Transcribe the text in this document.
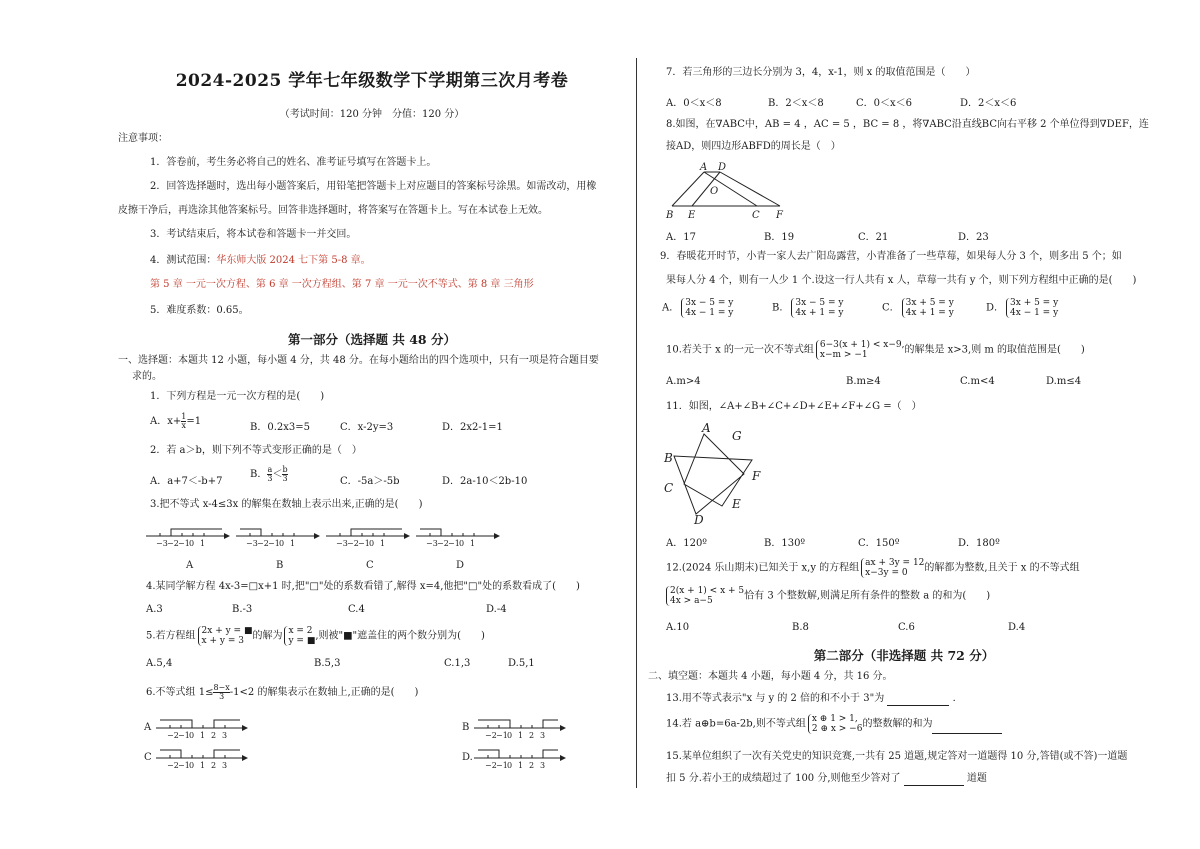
2024-2025 学年七年级数学下学期第三次月考卷
（考试时间：120 分钟　分值：120 分）
注意事项：
1．答卷前，考生务必将自己的姓名、准考证号填写在答题卡上。
2．回答选择题时，选出每小题答案后，用铅笔把答题卡上对应题目的答案标号涂黑。如需改动，用橡
皮擦干净后，再选涂其他答案标号。回答非选择题时，将答案写在答题卡上。写在本试卷上无效。
3．考试结束后，将本试卷和答题卡一并交回。
4．测试范围：华东师大版 2024 七下第 5-8 章。
第 5 章 一元一次方程、第 6 章 一次方程组、第 7 章 一元一次不等式、第 8 章 三角形
5．难度系数：0.65。
第一部分（选择题 共 48 分）
一、选择题：本题共 12 小题，每小题 4 分，共 48 分。在每小题给出的四个选项中，只有一项是符合题目要
求的。
1．下列方程是一元一次方程的是(　　)
A．$x+ \frac{1}{x} =1$
B．0.2x3=5	C．x-2y=3	D．2x2-1=1
2．若 a＞b，则下列不等式变形正确的是（　）
A．a+7＜-b+7
B． $\frac{a}{3} < \frac{b}{3}$	C．-5a＞-5b	D．2a-10＜2b-10
3.把不等式 x-4≤3x 的解集在数轴上表示出来,正确的是(　　)
−3 −2 −1 0 1
A
−3 −2 −1 0 1
B
−3 −2 −1 0 1
C
−3 −2 −1 0 1
D
4.某同学解方程 4x-3=□x+1 时,把"□"处的系数看错了,解得 x=4,他把"□"处的系数看成了(　　)
A.3	B.-3	C.4	D.-4
5.若方程组 2x + y = ■
x + y = 3 的解为 x = 2
y = ■ ,则被"■"遮盖住的两个数分别为(　　)
A.5,4	B.5,3	C.1,3	D.5,1
6.不等式组 $1\le \frac{8-x}{3} -1<2$ 的解集表示在数轴上,正确的是(　　)
A
−2 −1 0 1 2 3
B
−2 −1 0 1 2 3
C
−2 −1 0 1 2 3
D.
−2 −1 0 1 2 3
7．若三角形的三边长分别为 3，4，x-1，则 x 的取值范围是（　　）
A．0＜x＜8	B．2＜x＜8	C．0＜x＜6	D．2＜x＜6
8.如图，在∇ABC中，AB = 4 ，AC = 5 ，BC = 8 ，将∇ABC沿直线BC向右平移 2 个单位得到∇DEF，连
接AD，则四边形ABFD的周长是（　）
A D
O
B E	C F
A．17	B．19	C．21	D．23
9．春暖花开时节，小青一家人去广阳岛露营，小青准备了一些草莓，如果每人分 3 个，则多出 5 个；如
果每人分 4 个，则有一人少 1 个.设这一行人共有 x 人，草莓一共有 y 个，则下列方程组中正确的是(　　)
A． 3x − 5 = y
4x − 1 = y	B． 3x − 5 = y
4x + 1 = y	C． 3x + 5 = y
4x + 1 = y	D． 3x + 5 = y
4x − 1 = y
10.若关于 x 的一元一次不等式组 6−3(x + 1) < x−9,
x−m > −1	的解集是 x>3,则 m 的取值范围是(　　)
A.m>4	B.m≥4	C.m<4	D.m≤4
11．如图，∠A+∠B+∠C+∠D+∠E+∠F+∠G =（　）
A
G
B
F
C
E
D
A．120º	B．130º	C．150º	D．180º
12.(2024 乐山期末)已知关于 x,y 的方程组 ax + 3y = 12
x−3y = 0	的解都为整数,且关于 x 的不等式组
2(x + 1) < x + 5
4x > a−5	恰有 3 个整数解,则满足所有条件的整数 a 的和为(　　)
A.10	B.8	C.6	D.4
第二部分（非选择题 共 72 分）
二、填空题：本题共 4 小题，每小题 4 分，共 16 分。
13.用不等式表示"x 与 y 的 2 倍的和不小于 3"为	．
14.若 a⊕b=6a-2b,则不等式组 x ⊕ 1 > 1,
2 ⊕ x > −6 的整数解的和为
15.某单位组织了一次有关党史的知识竞赛,一共有 25 道题,规定答对一道题得 10 分,答错(或不答)一道题
扣 5 分.若小王的成绩超过了 100 分,则他至少答对了	道题
